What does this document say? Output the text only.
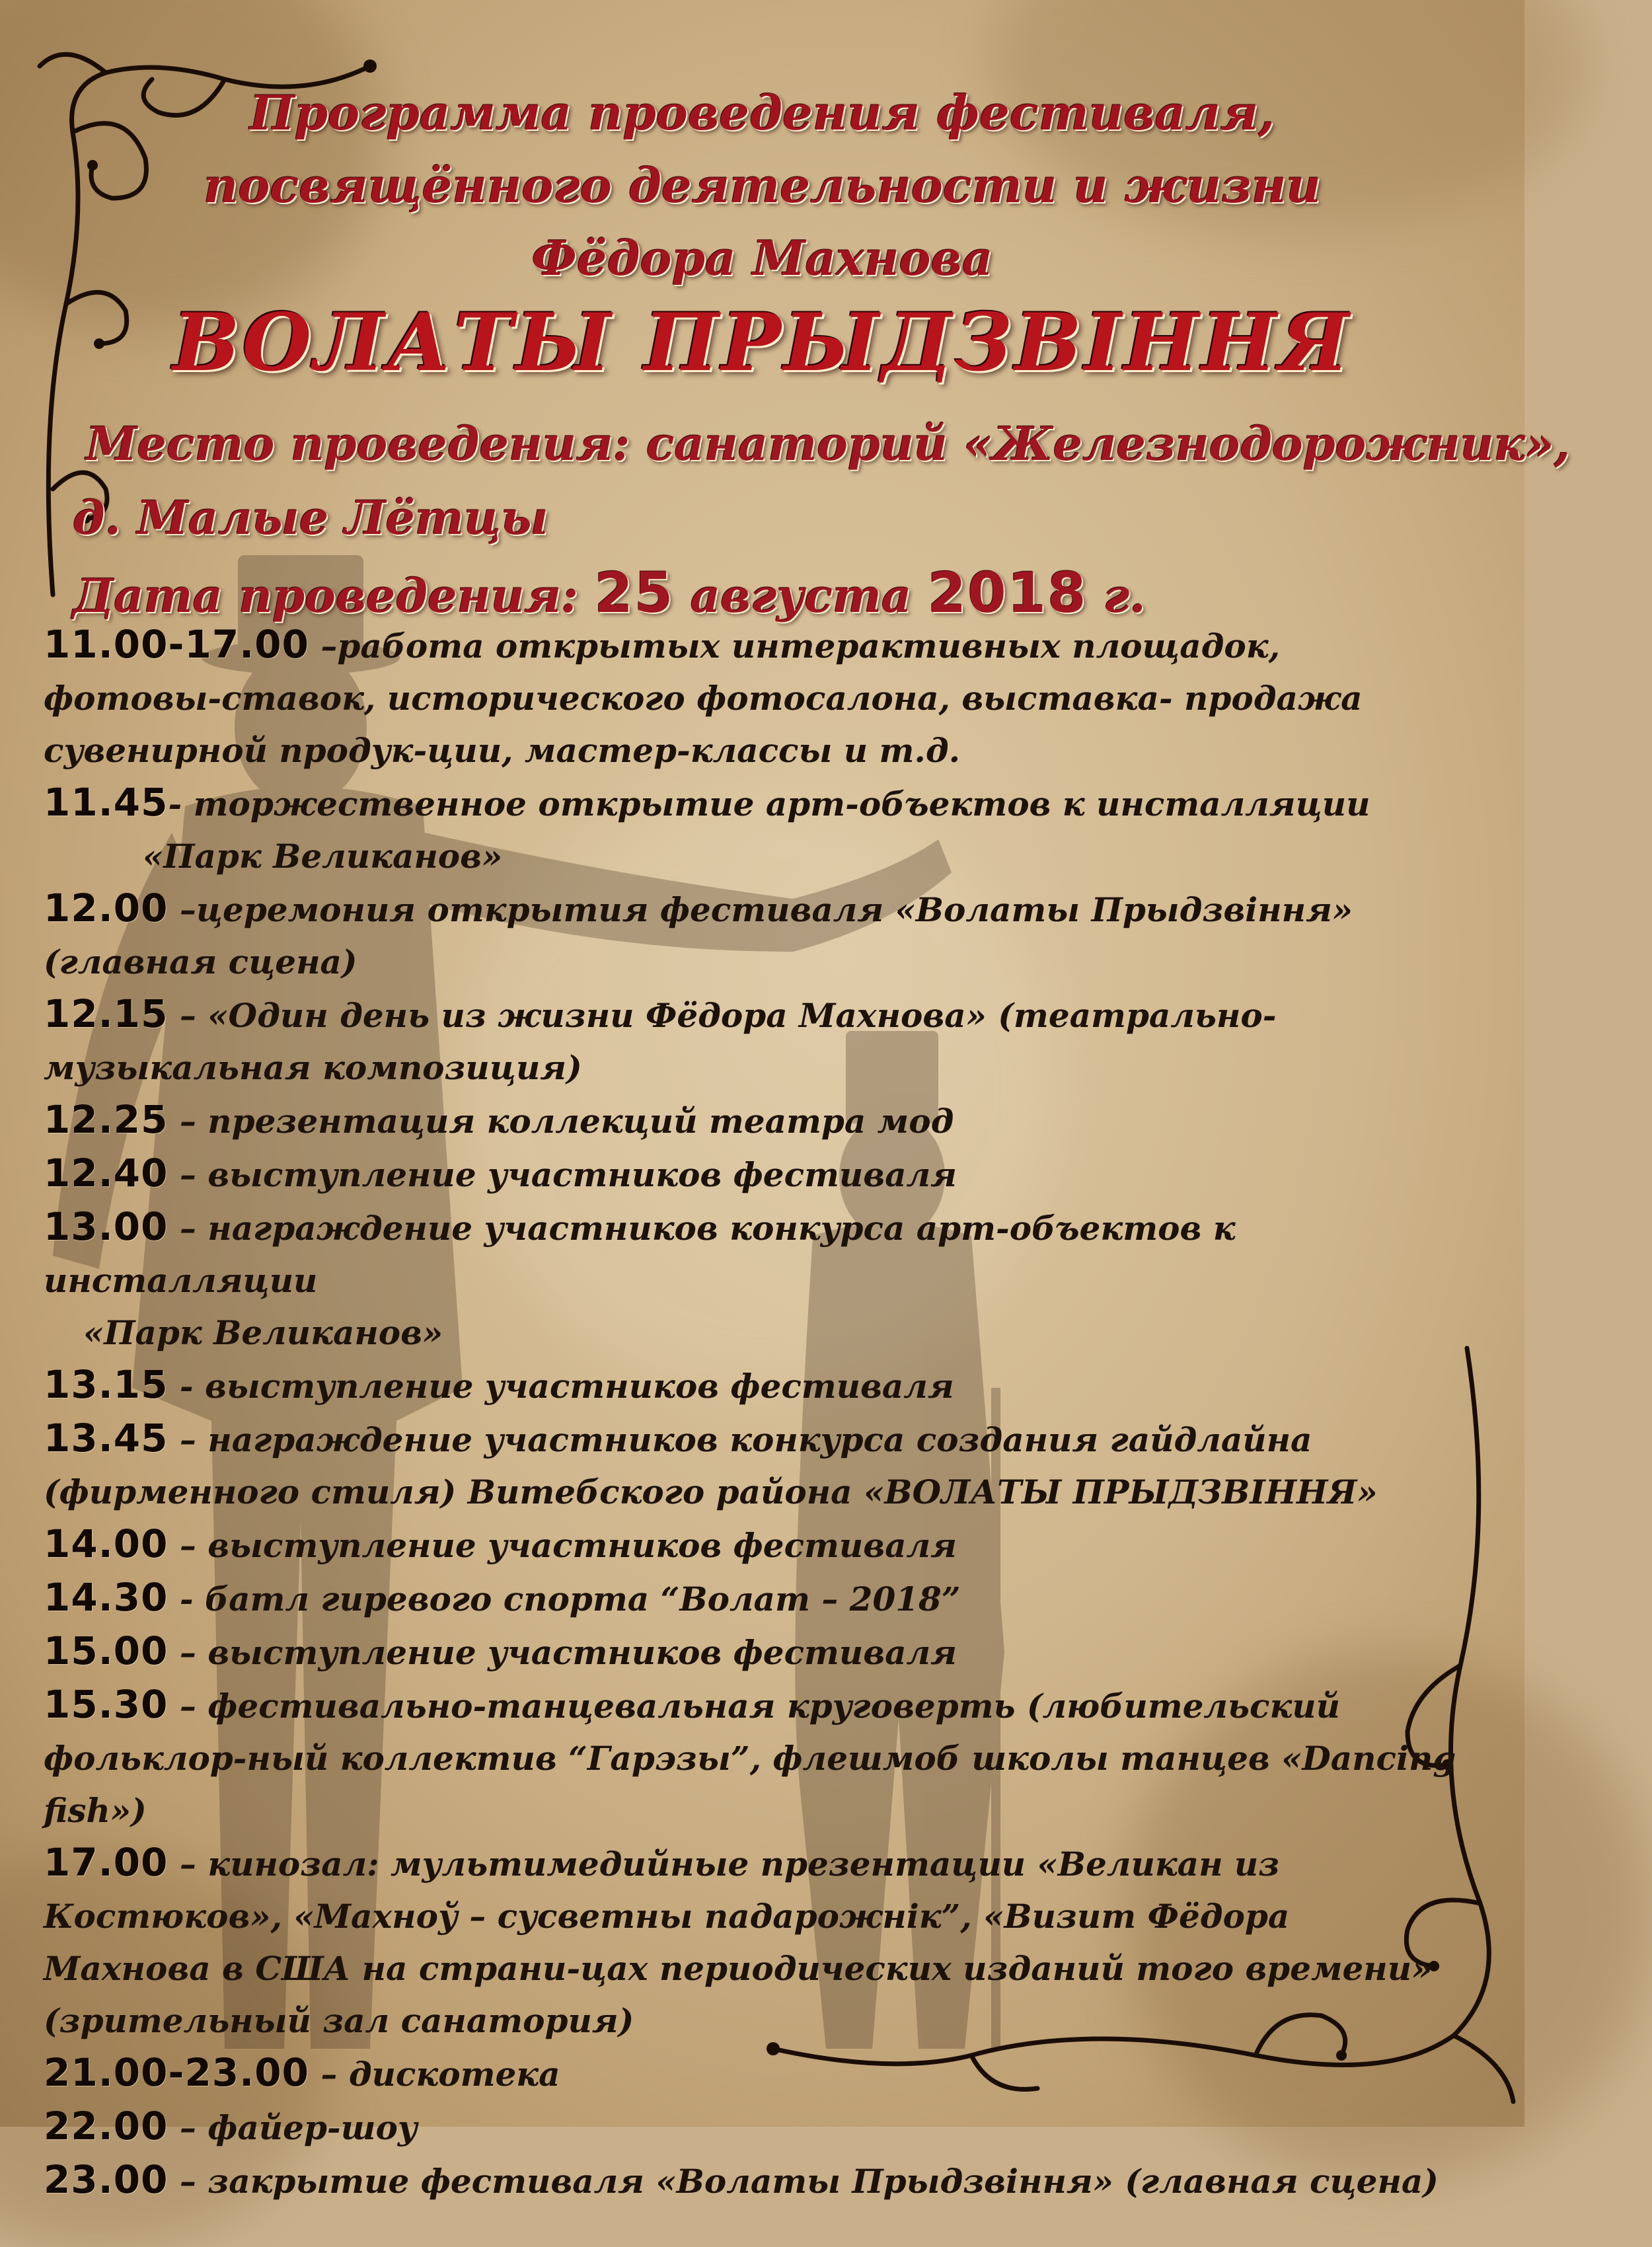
Программа проведения фестиваля,
посвящённого деятельности и жизни
Фёдора Махнова
ВОЛАТЫ ПРЫДЗВІННЯ
Место проведения: санаторий «Железнодорожник»,
д. Малые Лётцы
Дата проведения: 25 августа 2018 г.

11.00-17.00 –работа открытых интерактивных площадок, фотовы-ставок, исторического фотосалона, выставка- продажа сувенирной продук-ции, мастер-классы и т.д.

11.45- торжественное открытие арт-объектов к инсталляции

«Парк Великанов»

12.00 –церемония открытия фестиваля «Волаты Прыдзвіння» (главная сцена)

12.15 – «Один день из жизни Фёдора Махнова» (театрально-музыкальная композиция)

12.25 – презентация коллекций театра мод

12.40 – выступление участников фестиваля

13.00 – награждение участников конкурса арт-объектов к инсталляции

«Парк Великанов»

13.15 - выступление участников фестиваля

13.45 – награждение участников конкурса создания гайдлайна (фирменного стиля) Витебского района «ВОЛАТЫ ПРЫДЗВІННЯ»

14.00 – выступление участников фестиваля

14.30 - батл гиревого спорта “Волат – 2018”

15.00 – выступление участников фестиваля

15.30 – фестивально-танцевальная круговерть (любительский фольклор-ный коллектив “Гарэзы”, флешмоб школы танцев «Dancing fish»)

17.00 – кинозал: мультимедийные презентации «Великан из Костюков», «Махноў – сусветны падарожнік”, «Визит Фёдора Махнова в США на страни-цах периодических изданий того времени» (зрительный зал санатория)

21.00-23.00 – дискотека

22.00 – файер-шоу

23.00 – закрытие фестиваля «Волаты Прыдзвіння» (главная сцена)
